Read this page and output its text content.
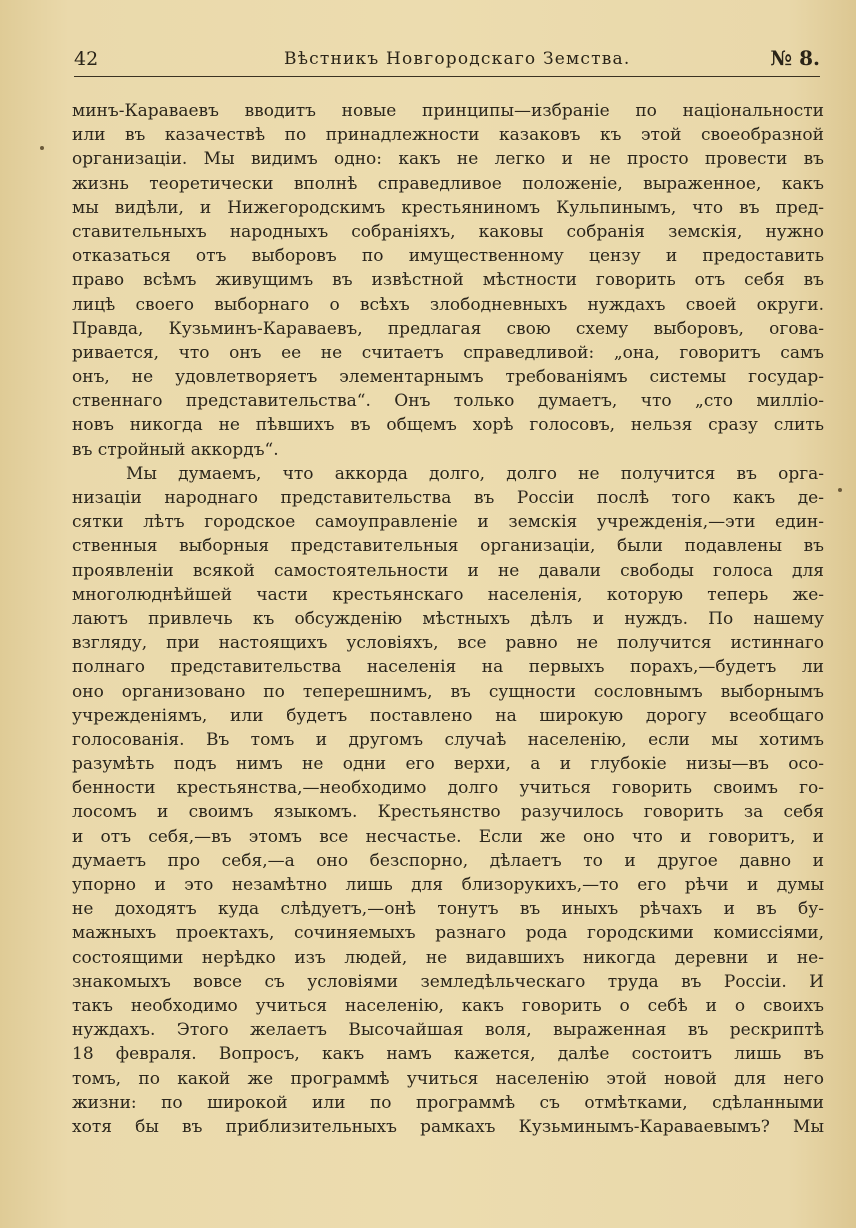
42	Вѣстникъ Новгородскаго Земства.	№ 8.
минъ-Караваевъ вводитъ новые принципы—избраніе по національности
или въ казачествѣ по принадлежности казаковъ къ этой своеобразной
организаціи. Мы видимъ одно: какъ не легко и не просто провести въ
жизнь теоретически вполнѣ справедливое положеніе, выраженное, какъ
мы видѣли, и Нижегородскимъ крестьяниномъ Кульпинымъ, что въ пред-
ставительныхъ народныхъ собраніяхъ, каковы собранія земскія, нужно
отказаться отъ выборовъ по имущественному цензу и предоставить
право всѣмъ живущимъ въ извѣстной мѣстности говорить отъ себя въ
лицѣ своего выборнаго о всѣхъ злободневныхъ нуждахъ своей округи.
Правда, Кузьминъ-Караваевъ, предлагая свою схему выборовъ, огова-
ривается, что онъ ее не считаетъ справедливой: „она, говоритъ самъ
онъ, не удовлетворяетъ элементарнымъ требованіямъ системы государ-
ственнаго представительства“. Онъ только думаетъ, что „сто милліо-
новъ никогда не пѣвшихъ въ общемъ хорѣ голосовъ, нельзя сразу слить
въ стройный аккордъ“.
Мы думаемъ, что аккорда долго, долго не получится въ орга-
низаціи народнаго представительства въ Россіи послѣ того какъ де-
сятки лѣтъ городское самоуправленіе и земскія учрежденія,—эти един-
ственныя выборныя представительныя организаціи, были подавлены въ
проявленіи всякой самостоятельности и не давали свободы голоса для
многолюднѣйшей части крестьянскаго населенія, которую теперь же-
лаютъ привлечь къ обсужденію мѣстныхъ дѣлъ и нуждъ. По нашему
взгляду, при настоящихъ условіяхъ, все равно не получится истиннаго
полнаго представительства населенія на первыхъ порахъ,—будетъ ли
оно организовано по теперешнимъ, въ сущности сословнымъ выборнымъ
учрежденіямъ, или будетъ поставлено на широкую дорогу всеобщаго
голосованія. Въ томъ и другомъ случаѣ населенію, если мы хотимъ
разумѣть подъ нимъ не одни его верхи, а и глубокіе низы—въ осо-
бенности крестьянства,—необходимо долго учиться говорить своимъ го-
лосомъ и своимъ языкомъ. Крестьянство разучилось говорить за себя
и отъ себя,—въ этомъ все несчастье. Если же оно что и говоритъ, и
думаетъ про себя,—а оно безспорно, дѣлаетъ то и другое давно и
упорно и это незамѣтно лишь для близорукихъ,—то его рѣчи и думы
не доходятъ куда слѣдуетъ,—онѣ тонутъ въ иныхъ рѣчахъ и въ бу-
мажныхъ проектахъ, сочиняемыхъ разнаго рода городскими комиссіями,
состоящими нерѣдко изъ людей, не видавшихъ никогда деревни и не-
знакомыхъ вовсе съ условіями земледѣльческаго труда въ Россіи. И
такъ необходимо учиться населенію, какъ говорить о себѣ и о своихъ
нуждахъ. Этого желаетъ Высочайшая воля, выраженная въ рескриптѣ
18 февраля. Вопросъ, какъ намъ кажется, далѣе состоитъ лишь въ
томъ, по какой же программѣ учиться населенію этой новой для него
жизни: по широкой или по программѣ съ отмѣтками, сдѣланными
хотя бы въ приблизительныхъ рамкахъ Кузьминымъ-Караваевымъ? Мы
